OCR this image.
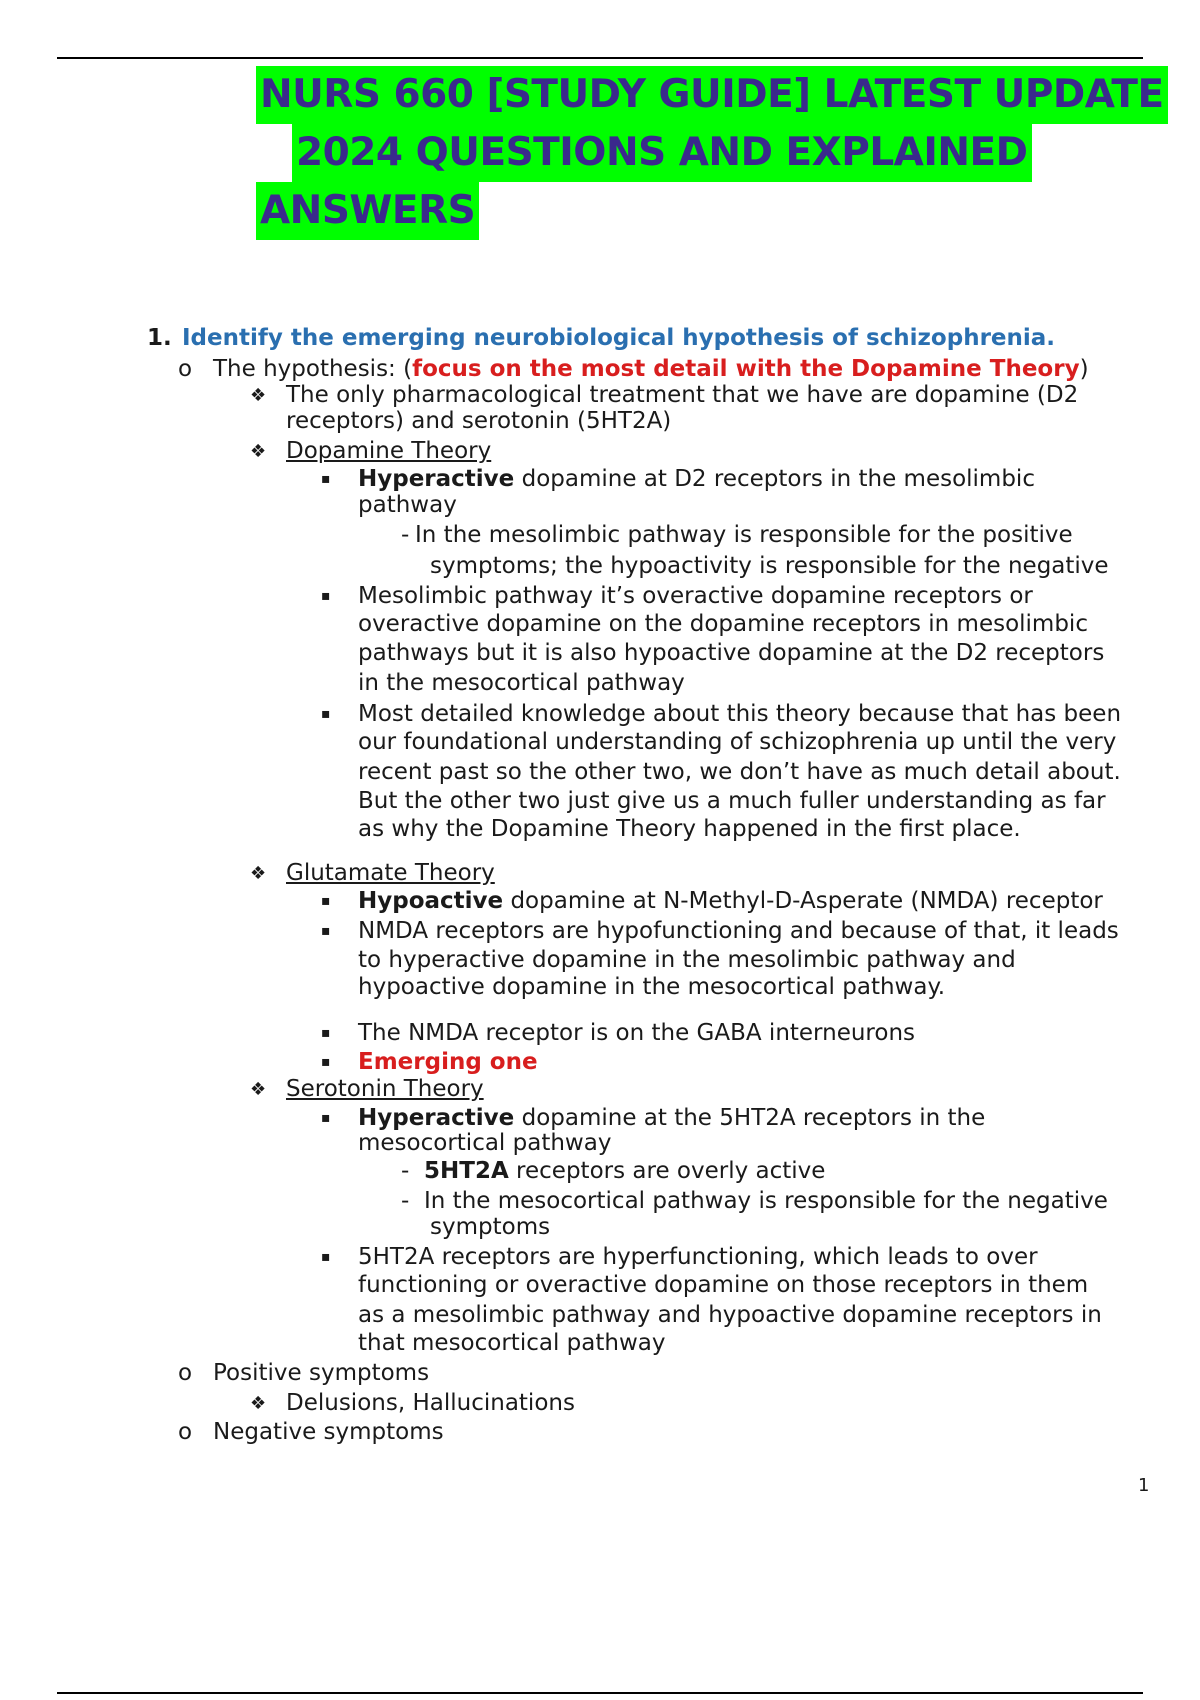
NURS 660 [STUDY GUIDE] LATEST UPDATE
2024 QUESTIONS AND EXPLAINED
ANSWERS
1. Identify the emerging neurobiological hypothesis of schizophrenia.
o The hypothesis: (focus on the most detail with the Dopamine Theory)
❖ The only pharmacological treatment that we have are dopamine (D2
receptors) and serotonin (5HT2A)
❖ Dopamine Theory
▪ Hyperactive dopamine at D2 receptors in the mesolimbic
pathway
- In the mesolimbic pathway is responsible for the positive
symptoms; the hypoactivity is responsible for the negative
▪ Mesolimbic pathway it’s overactive dopamine receptors or
overactive dopamine on the dopamine receptors in mesolimbic
pathways but it is also hypoactive dopamine at the D2 receptors
in the mesocortical pathway
▪ Most detailed knowledge about this theory because that has been
our foundational understanding of schizophrenia up until the very
recent past so the other two, we don’t have as much detail about.
But the other two just give us a much fuller understanding as far
as why the Dopamine Theory happened in the first place.
❖ Glutamate Theory
▪ Hypoactive dopamine at N-Methyl-D-Asperate (NMDA) receptor
▪ NMDA receptors are hypofunctioning and because of that, it leads
to hyperactive dopamine in the mesolimbic pathway and
hypoactive dopamine in the mesocortical pathway.
▪ The NMDA receptor is on the GABA interneurons
▪ Emerging one
❖ Serotonin Theory
▪ Hyperactive dopamine at the 5HT2A receptors in the
mesocortical pathway
- 5HT2A receptors are overly active
- In the mesocortical pathway is responsible for the negative
symptoms
▪ 5HT2A receptors are hyperfunctioning, which leads to over
functioning or overactive dopamine on those receptors in them
as a mesolimbic pathway and hypoactive dopamine receptors in
that mesocortical pathway
o Positive symptoms
❖ Delusions, Hallucinations
o Negative symptoms
1
